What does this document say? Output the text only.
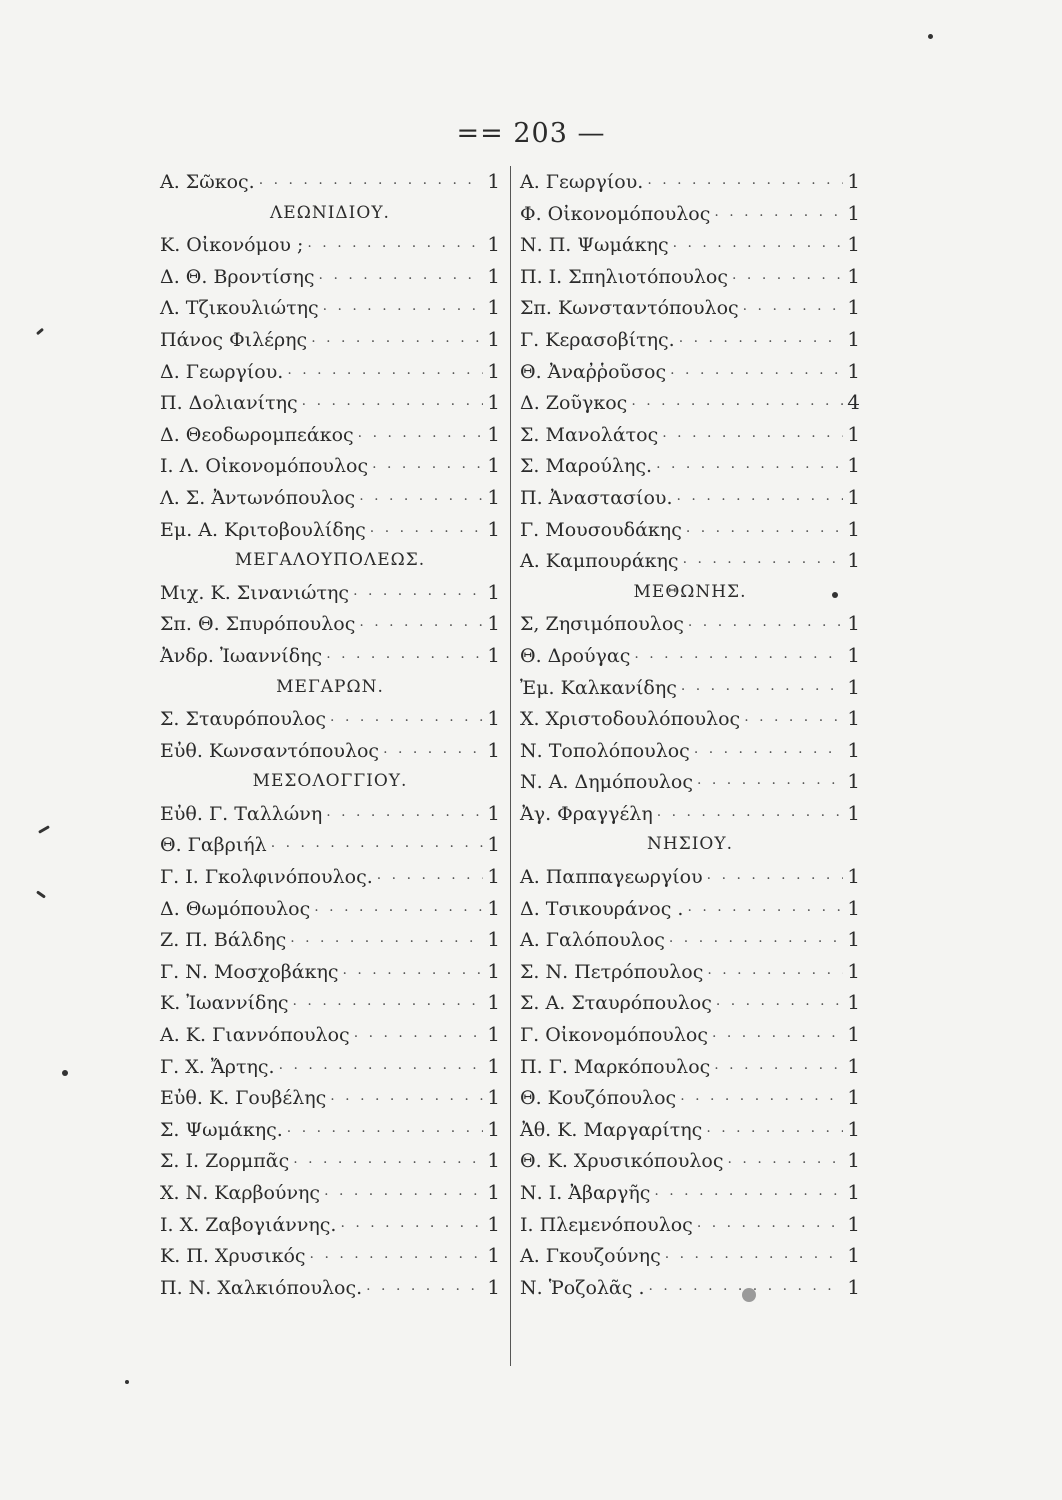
== 203 —
Α. Σῶκος. · · ·	1
ΛΕΩΝΙΔΙΟΥ.
Κ. Οἰκονόμου ; · · ·	1
Δ. Θ. Βροντίσης · · ·	1
Λ. Τζικουλιώτης · · ·	1
Πάνος Φιλέρης · · ·	1
Δ. Γεωργίου. · · ·	1
Π. Δολιανίτης · · ·	1
Δ. Θεοδωρομπεάκος · · ·	1
Ι. Λ. Οἰκονομόπουλος · · ·	1
Λ. Σ. Ἀντωνόπουλος · · ·	1
Εμ. Α. Κριτοβουλίδης · · ·	1
ΜΕΓΑΛΟΥΠΟΛΕΩΣ.
Μιχ. Κ. Σινανιώτης · · ·	1
Σπ. Θ. Σπυρόπουλος · · ·	1
Ἀνδρ. Ἰωαννίδης · · ·	1
ΜΕΓΑΡΩΝ.
Σ. Σταυρόπουλος · · ·	1
Εὐθ. Κωνσαντόπουλος · · ·	1
ΜΕΣΟΛΟΓΓΙΟΥ.
Εὐθ. Γ. Ταλλώνη · · ·	1
Θ. Γαβριήλ · · ·	1
Γ. Ι. Γκολφινόπουλος. · · ·	1
Δ. Θωμόπουλος · · ·	1
Ζ. Π. Βάλδης · · ·	1
Γ. Ν. Μοσχοβάκης · · ·	1
Κ. Ἰωαννίδης · · ·	1
Α. Κ. Γιαννόπουλος · · ·	1
Γ. Χ. Ἄρτης. · · ·	1
Εὐθ. Κ. Γουβέλης · · ·	1
Σ. Ψωμάκης. · · ·	1
Σ. Ι. Ζορμπᾶς · · ·	1
Χ. Ν. Καρβούνης · · ·	1
Ι. Χ. Ζαβογιάννης. · · ·	1
Κ. Π. Χρυσικός · · ·	1
Π. Ν. Χαλκιόπουλος. · · ·	1
Α. Γεωργίου. · · ·	1
Φ. Οἰκονομόπουλος · · ·	1
Ν. Π. Ψωμάκης · · ·	1
Π. Ι. Σπηλιοτόπουλος · · ·	1
Σπ. Κωνσταντόπουλος · · ·	1
Γ. Κερασοβίτης. · · ·	1
Θ. Ἀναῤῥοῦσος · · ·	1
Δ. Ζοῦγκος · · ·	4
Σ. Μανολάτος · · ·	1
Σ. Μαρούλης. · · ·	1
Π. Ἀναστασίου. · · ·	1
Γ. Μουσουδάκης · · ·	1
Α. Καμπουράκης · · ·	1
ΜΕΘΩΝΗΣ.
Σ, Ζησιμόπουλος · · ·	1
Θ. Δρούγας · · ·	1
Ἐμ. Καλκανίδης · · ·	1
Χ. Χριστοδουλόπουλος · · ·	1
Ν. Τοπολόπουλος · · ·	1
Ν. Α. Δημόπουλος · · ·	1
Ἀγ. Φραγγέλη · · ·	1
ΝΗΣΙΟΥ.
Α. Παππαγεωργίου · · ·	1
Δ. Τσικουράνος . · · ·	1
Α. Γαλόπουλος · · ·	1
Σ. Ν. Πετρόπουλος · · ·	1
Σ. Α. Σταυρόπουλος · · ·	1
Γ. Οἰκονομόπουλος · · ·	1
Π. Γ. Μαρκόπουλος · · ·	1
Θ. Κουζόπουλος · · ·	1
Ἀθ. Κ. Μαργαρίτης · · ·	1
Θ. Κ. Χρυσικόπουλος · · ·	1
Ν. Ι. Ἀβαργῆς · · ·	1
Ι. Πλεμενόπουλος · · ·	1
Α. Γκουζούνης · · ·	1
Ν. Ῥοζολᾶς . · · ·	1
